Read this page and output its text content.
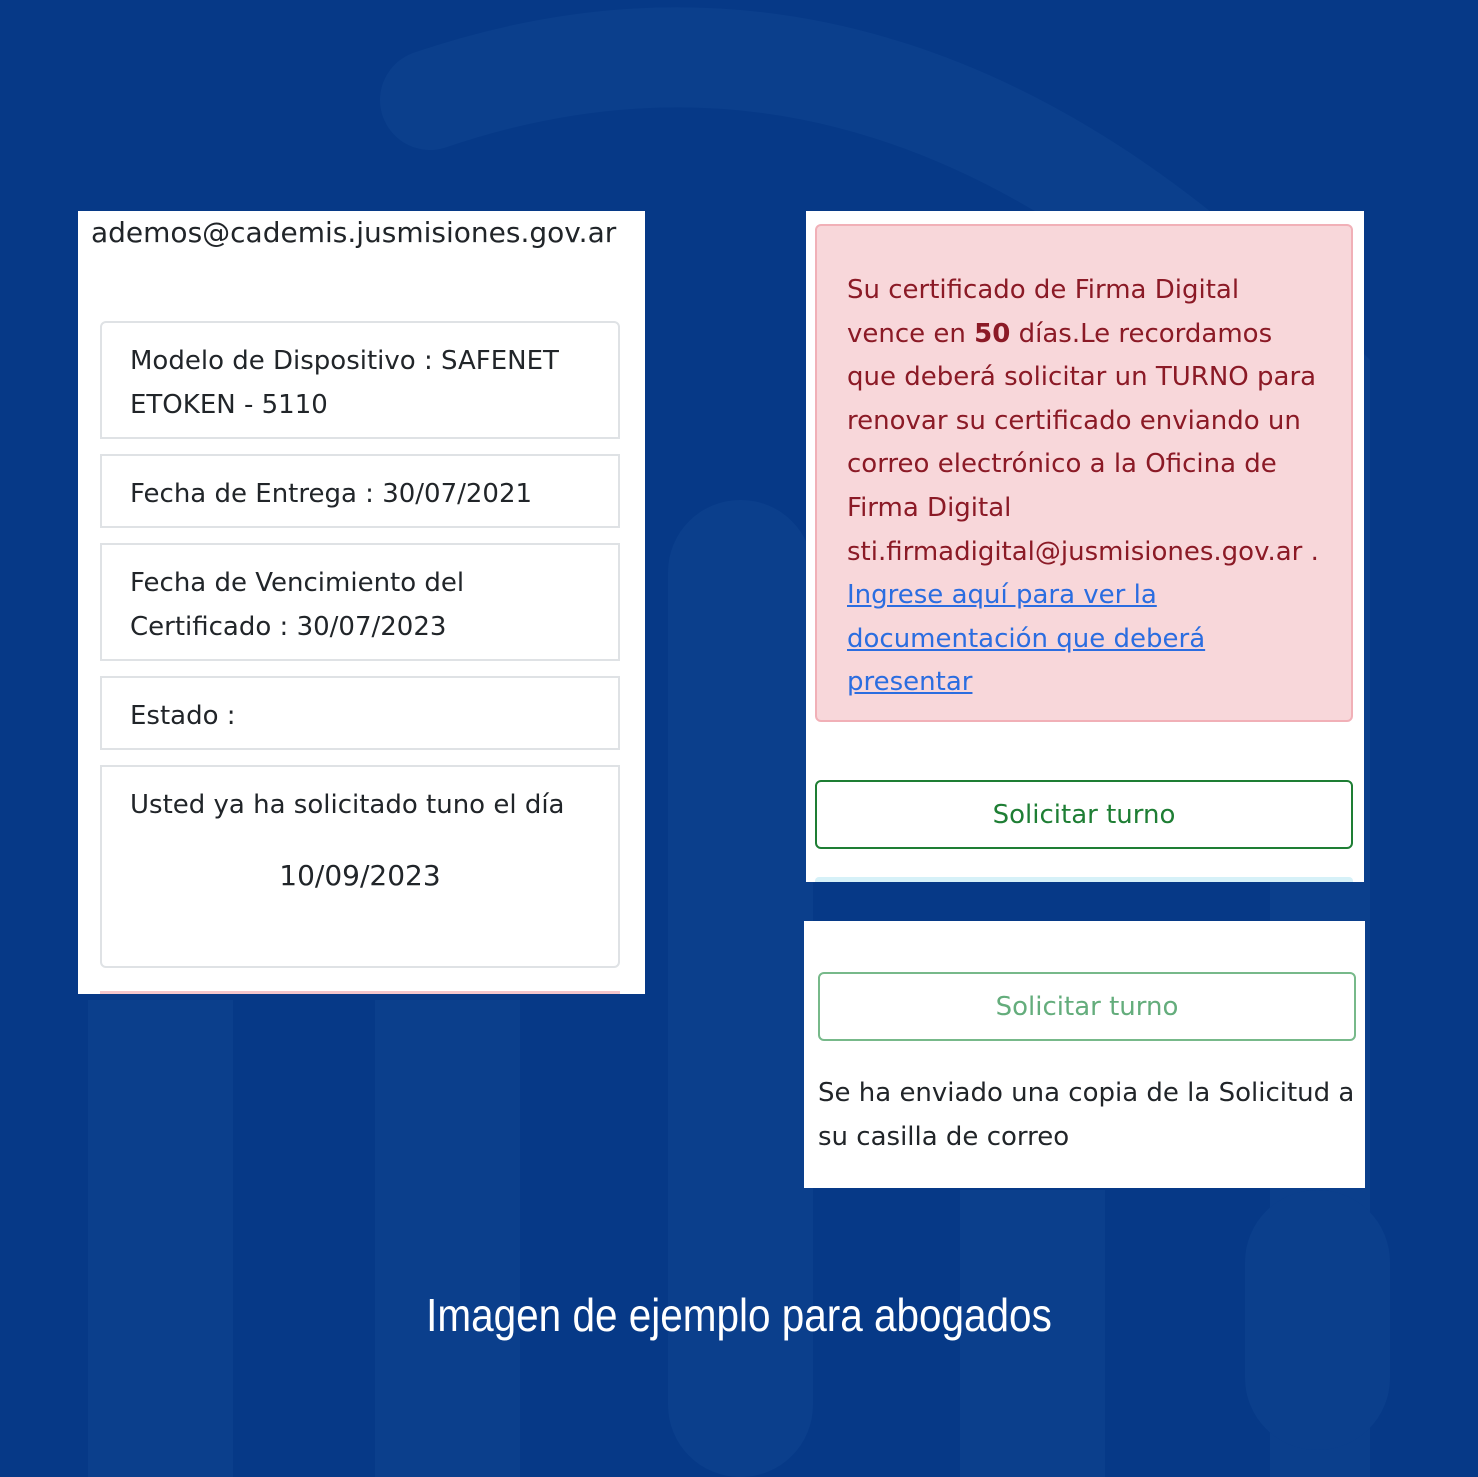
ademos@cademis.jusmisiones.gov.ar
Modelo de Dispositivo : SAFENET ETOKEN - 5110
Fecha de Entrega : 30/07/2021
Fecha de Vencimiento del Certificado : 30/07/2023
Estado :
Usted ya ha solicitado tuno el día
10/09/2023
Su certificado de Firma Digital vence en 50 días.Le recordamos que deberá solicitar un TURNO para renovar su certificado enviando un correo electrónico a la Oficina de Firma Digital sti.firmadigital@jusmisiones.gov.ar . Ingrese aquí para ver la documentación que deberá presentar
Solicitar turno
Solicitar turno
Se ha enviado una copia de la Solicitud a su casilla de correo
Imagen de ejemplo para abogados
